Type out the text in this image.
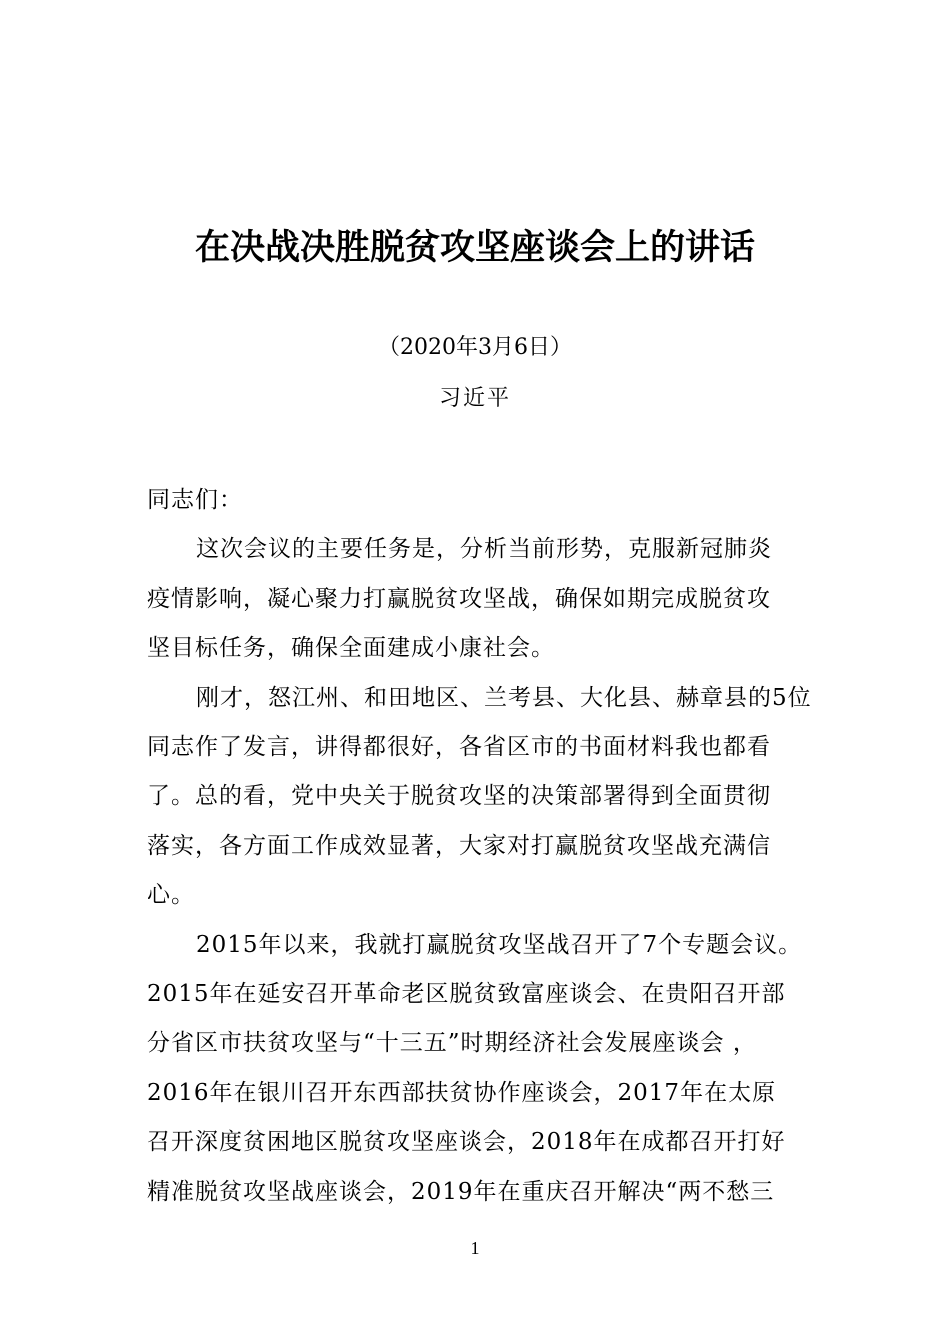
在决战决胜脱贫攻坚座谈会上的讲话
（2020年3月6日）
习近平
同志们：
这次会议的主要任务是，分析当前形势，克服新冠肺炎
疫情影响，凝心聚力打赢脱贫攻坚战，确保如期完成脱贫攻
坚目标任务，确保全面建成小康社会。
刚才，怒江州、和田地区、兰考县、大化县、赫章县的5位
同志作了发言，讲得都很好，各省区市的书面材料我也都看
了。总的看，党中央关于脱贫攻坚的决策部署得到全面贯彻
落实，各方面工作成效显著，大家对打赢脱贫攻坚战充满信
心。
2015年以来，我就打赢脱贫攻坚战召开了7个专题会议。
2015年在延安召开革命老区脱贫致富座谈会、在贵阳召开部
分省区市扶贫攻坚与“十三五”时期经济社会发展座谈会 ，
2016年在银川召开东西部扶贫协作座谈会，2017年在太原
召开深度贫困地区脱贫攻坚座谈会，2018年在成都召开打好
精准脱贫攻坚战座谈会，2019年在重庆召开解决“两不愁三
1
